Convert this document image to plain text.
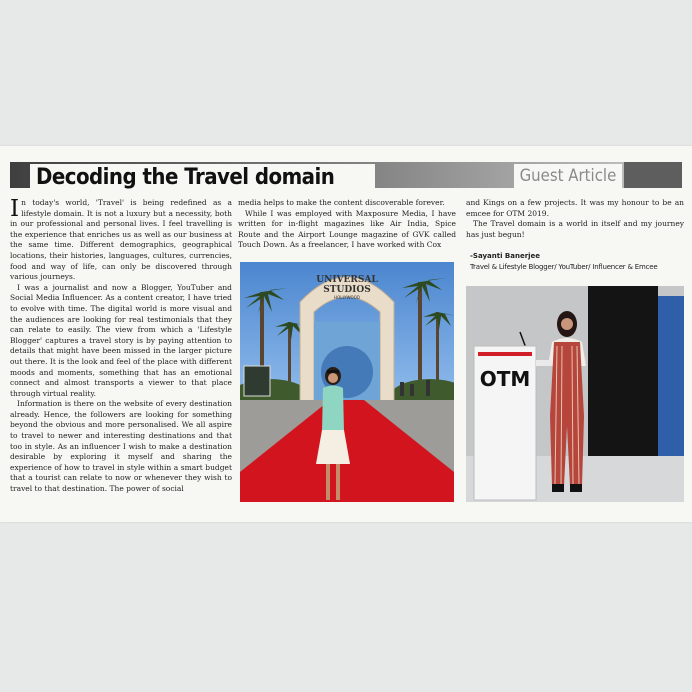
Decoding the Travel domain	Guest Article

In today's world, 'Travel' is being redefined as a lifestyle domain. It is not a luxury but a necessity, both in our professional and personal lives. I feel travelling is the experience that enriches us as well as our business at the same time. Different demographics, geographical locations, their histories, languages, cultures, currencies, food and way of life, can only be discovered through various journeys.

I was a journalist and now a Blogger, YouTuber and Social Media Influencer. As a content creator, I have tried to evolve with time. The digital world is more visual and the audiences are looking for real testimonials that they can relate to easily. The view from which a 'Lifestyle Blogger' captures a travel story is by paying attention to details that might have been missed in the larger picture out there. It is the look and feel of the place with different moods and moments, something that has an emotional connect and almost transports a viewer to that place through virtual reality.

Information is there on the website of every destination already. Hence, the followers are looking for something beyond the obvious and more personalised. We all aspire to travel to newer and interesting destinations and that too in style. As an influencer I wish to make a destination desirable by exploring it myself and sharing the experience of how to travel in style within a smart budget that a tourist can relate to now or whenever they wish to travel to that destination. The power of social

media helps to make the content discoverable forever.

While I was employed with Maxposure Media, I have written for in-flight magazines like Air India, Spice Route and the Airport Lounge magazine of GVK called Touch Down. As a freelancer, I have worked with Cox

UNIVERSAL
STUDIOS
HOLLYWOOD

and Kings on a few projects. It was my honour to be an emcee for OTM 2019.

The Travel domain is a world in itself and my journey has just begun!

-Sayanti Banerjee
Travel & Lifestyle Blogger/ YouTuber/ Influencer & Emcee
OTM
